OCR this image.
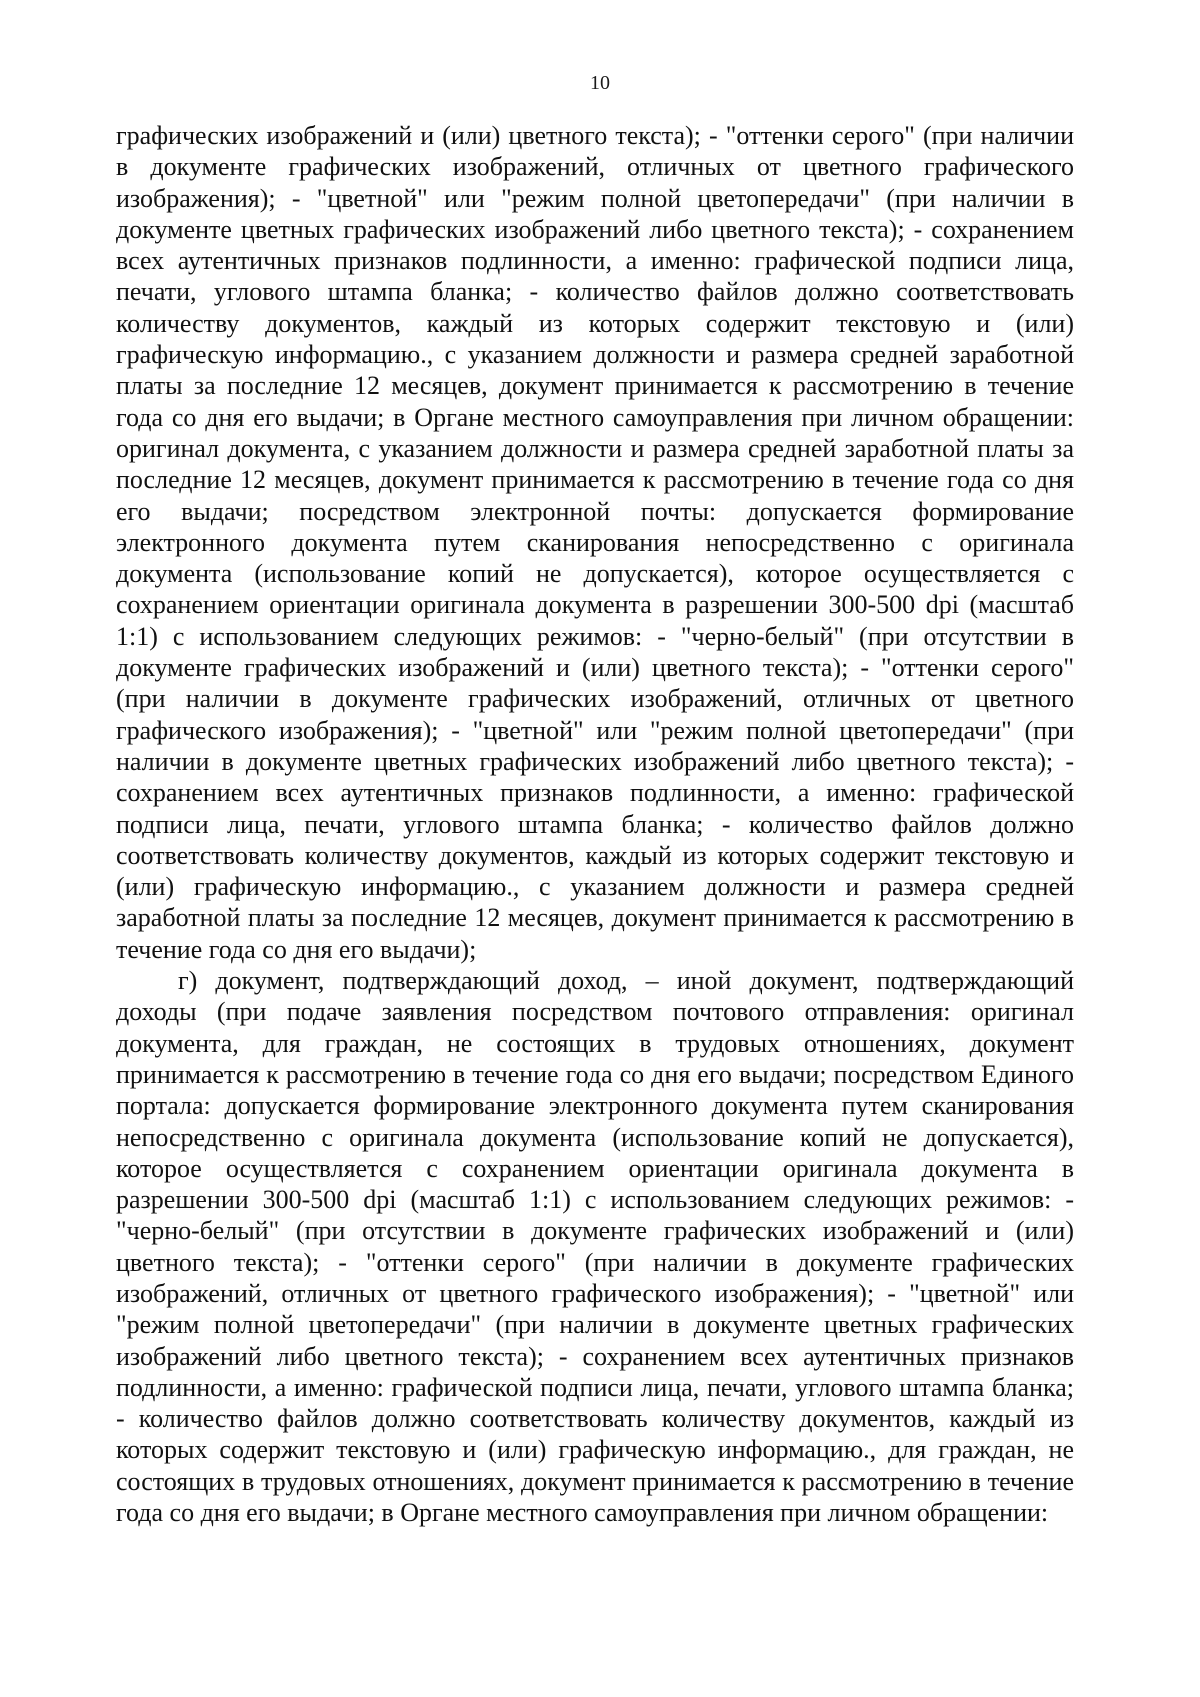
10
графических изображений и (или) цветного текста); - "оттенки серого" (при наличии
в документе графических изображений, отличных от цветного графического
изображения); - "цветной" или "режим полной цветопередачи" (при наличии в
документе цветных графических изображений либо цветного текста); - сохранением
всех аутентичных признаков подлинности, а именно: графической подписи лица,
печати, углового штампа бланка; - количество файлов должно соответствовать
количеству документов, каждый из которых содержит текстовую и (или)
графическую информацию., с указанием должности и размера средней заработной
платы за последние 12 месяцев, документ принимается к рассмотрению в течение
года со дня его выдачи; в Органе местного самоуправления при личном обращении:
оригинал документа, с указанием должности и размера средней заработной платы за
последние 12 месяцев, документ принимается к рассмотрению в течение года со дня
его выдачи; посредством электронной почты: допускается формирование
электронного документа путем сканирования непосредственно с оригинала
документа (использование копий не допускается), которое осуществляется с
сохранением ориентации оригинала документа в разрешении 300-500 dpi (масштаб
1:1) с использованием следующих режимов: - "черно-белый" (при отсутствии в
документе графических изображений и (или) цветного текста); - "оттенки серого"
(при наличии в документе графических изображений, отличных от цветного
графического изображения); - "цветной" или "режим полной цветопередачи" (при
наличии в документе цветных графических изображений либо цветного текста); -
сохранением всех аутентичных признаков подлинности, а именно: графической
подписи лица, печати, углового штампа бланка; - количество файлов должно
соответствовать количеству документов, каждый из которых содержит текстовую и
(или) графическую информацию., с указанием должности и размера средней
заработной платы за последние 12 месяцев, документ принимается к рассмотрению в
течение года со дня его выдачи);
г) документ, подтверждающий доход, – иной документ, подтверждающий
доходы (при подаче заявления посредством почтового отправления: оригинал
документа, для граждан, не состоящих в трудовых отношениях, документ
принимается к рассмотрению в течение года со дня его выдачи; посредством Единого
портала: допускается формирование электронного документа путем сканирования
непосредственно с оригинала документа (использование копий не допускается),
которое осуществляется с сохранением ориентации оригинала документа в
разрешении 300-500 dpi (масштаб 1:1) с использованием следующих режимов: -
"черно-белый" (при отсутствии в документе графических изображений и (или)
цветного текста); - "оттенки серого" (при наличии в документе графических
изображений, отличных от цветного графического изображения); - "цветной" или
"режим полной цветопередачи" (при наличии в документе цветных графических
изображений либо цветного текста); - сохранением всех аутентичных признаков
подлинности, а именно: графической подписи лица, печати, углового штампа бланка;
- количество файлов должно соответствовать количеству документов, каждый из
которых содержит текстовую и (или) графическую информацию., для граждан, не
состоящих в трудовых отношениях, документ принимается к рассмотрению в течение
года со дня его выдачи; в Органе местного самоуправления при личном обращении:
